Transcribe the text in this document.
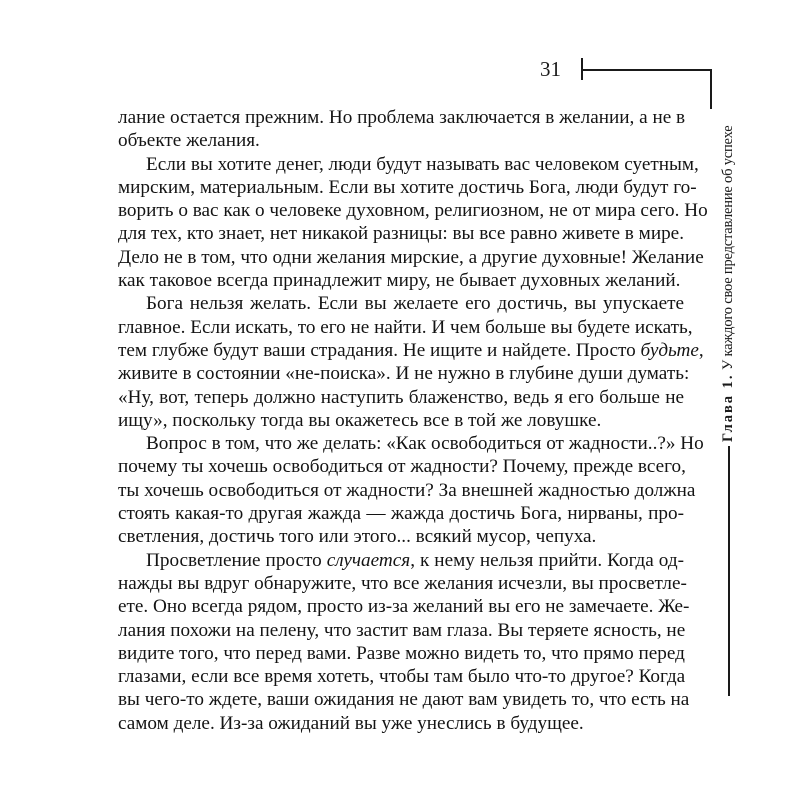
31
Глава 1. У каждого свое представление об успехе
лание остается прежним. Но проблема заключается в желании, а не в
объекте желания.
Если вы хотите денег, люди будут называть вас человеком суетным,
мирским, материальным. Если вы хотите достичь Бога, люди будут го-
ворить о вас как о человеке духовном, религиозном, не от мира сего. Но
для тех, кто знает, нет никакой разницы: вы все равно живете в мире.
Дело не в том, что одни желания мирские, а другие духовные! Желание
как таковое всегда принадлежит миру, не бывает духовных желаний.
Бога нельзя желать. Если вы желаете его достичь, вы упускаете
главное. Если искать, то его не найти. И чем больше вы будете искать,
тем глубже будут ваши страдания. Не ищите и найдете. Просто будьте,
живите в состоянии «не-поиска». И не нужно в глубине души думать:
«Ну, вот, теперь должно наступить блаженство, ведь я его больше не
ищу», поскольку тогда вы окажетесь все в той же ловушке.
Вопрос в том, что же делать: «Как освободиться от жадности..?» Но
почему ты хочешь освободиться от жадности? Почему, прежде всего,
ты хочешь освободиться от жадности? За внешней жадностью должна
стоять какая-то другая жажда — жажда достичь Бога, нирваны, про-
светления, достичь того или этого... всякий мусор, чепуха.
Просветление просто случается, к нему нельзя прийти. Когда од-
нажды вы вдруг обнаружите, что все желания исчезли, вы просветле-
ете. Оно всегда рядом, просто из-за желаний вы его не замечаете. Же-
лания похожи на пелену, что застит вам глаза. Вы теряете ясность, не
видите того, что перед вами. Разве можно видеть то, что прямо перед
глазами, если все время хотеть, чтобы там было что-то другое? Когда
вы чего-то ждете, ваши ожидания не дают вам увидеть то, что есть на
самом деле. Из-за ожиданий вы уже унеслись в будущее.
